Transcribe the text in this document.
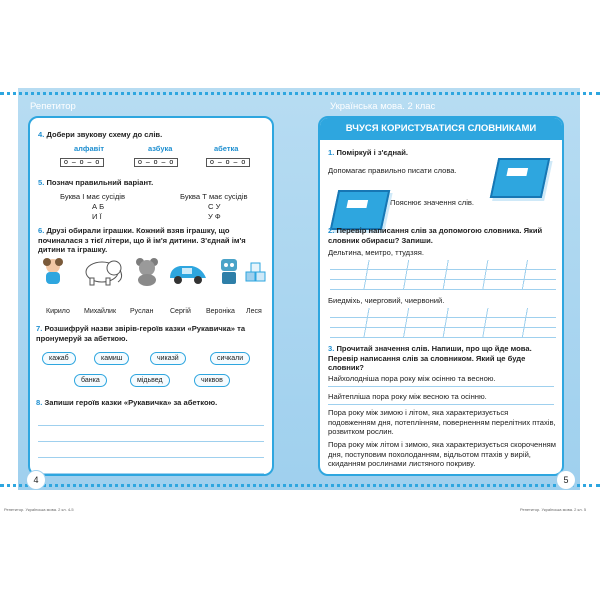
Репетитор	Українська мова. 2 клас
4. Добери звукову схему до слів.
алфавіт	азбука	абетка
о – о – о	о – о – о	о – о – о
5. Познач правильний варіант.
Буква І має сусідів
А Б
И Ї
Буква Т має сусідів
С У
У Ф
6. Друзі обирали іграшки. Кожний взяв іграшку, що починалася з тієї літери, що й ім'я дитини. З'єднай ім'я дитини та іграшку.
Кирило Михайлик Руслан Сергій Вероніка Леся
7. Розшифруй назви звірів-героїв казки «Рукавичка» та пронумеруй за абеткою.
кажаб	камиш	чиказй	сичкали
банка	мідьвед	чиквов
8. Запиши героїв казки «Рукавичка» за абеткою.
4
ВЧУСЯ КОРИСТУВАТИСЯ СЛОВНИКАМИ
1. Поміркуй і з'єднай.
Допомагає правильно писати слова.
Пояснює значення слів.
2. Перевір написання слів за допомогою словника. Який словник обираєш? Запиши.
Дельтина, меитро, ттудзяя.
Биедміхь, чиерговий, чиервоний.
3. Прочитай значення слів. Напиши, про що йде мова. Перевір написання слів за словником. Який це буде словник?
Найхолодніша пора року між осінню та весною.
Найтепліша пора року між весною та осінню.
Пора року між зимою і літом, яка характеризується подовженням дня, потеплінням, поверненням перелітних птахів, розвитком рослин.
Пора року між літом і зимою, яка характеризується скороченням дня, поступовим похолоданням, відльотом птахів у вирій, скиданням рослинами листяного покриву.
5
Репетитор. Українська мова. 2 кл. 4-5	Репетитор. Українська мова. 2 кл. 5
